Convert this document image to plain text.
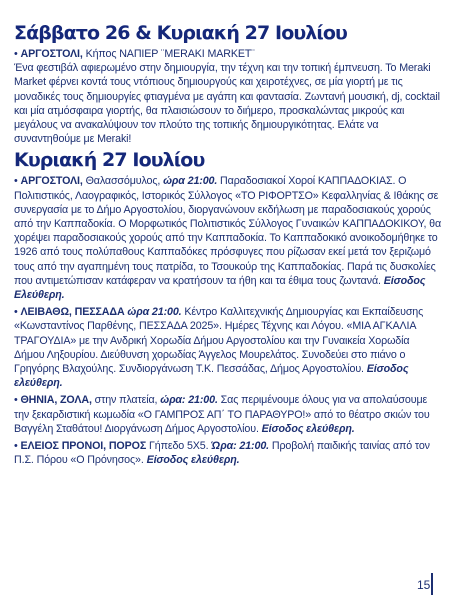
Σάββατο 26 & Κυριακή 27 Ιουλίου

• ΑΡΓΟΣΤΟΛΙ, Κήπος ΝΑΠΙΕΡ ¨MERAKI MARKET¨

Ένα φεστιβάλ αφιερωμένο στην δημιουργία, την τέχνη και την τοπική έμπνευση. Το Meraki Market φέρνει κοντά τους ντόπιους δημιουργούς και χειροτέχνες, σε μία γιορτή με τις μοναδικές τους δημιουργίες φτιαγμένα με αγάπη και φαντασία. Ζωντανή μουσική, dj, cocktail και μία ατμόσφαιρα γιορτής, θα πλαισιώσουν το διήμερο, προσκαλώντας μικρούς και μεγάλους να ανακαλύψουν τον πλούτο της τοπικής δημιουργικότητας. Ελάτε να συναντηθούμε με Meraki!

Κυριακή 27 Ιουλίου

• ΑΡΓΟΣΤΟΛΙ, Θαλασσόμυλος, ώρα 21:00. Παραδοσιακοί Χοροί ΚΑΠΠΑΔΟΚΙΑΣ. Ο Πολιτιστικός, Λαογραφικός, Ιστορικός Σύλλογος «ΤΟ ΡΙΦΟΡΤΣΟ» Κεφαλληνίας & Ιθάκης σε συνεργασία με το Δήμο Αργοστολίου, διοργανώνουν εκδήλωση με παραδοσιακούς χορούς από την Καππαδοκία. Ο Μορφωτικός Πολιτιστικός Σύλλογος Γυναικών ΚΑΠΠΑΔΟΚΙΚΟΥ, θα χορέψει παραδοσιακούς χορούς από την Καππαδοκία. Το Καππαδοκικό ανοικοδομήθηκε το 1926 από τους πολύπαθους Καππαδόκες πρόσφυγες που ρίζωσαν εκεί μετά τον ξεριζωμό τους από την αγαπημένη τους πατρίδα, το Τσουκούρ της Καππαδοκίας. Παρά τις δυσκολίες που αντιμετώπισαν κατάφεραν να κρατήσουν τα ήθη και τα έθιμα τους ζωντανά. Είσοδος Ελεύθερη.

• ΛΕΙΒΑΘΩ, ΠΕΣΣΑΔΑ ώρα 21:00. Κέντρο Καλλιτεχνικής Δημιουργίας και Εκπαίδευσης «Κωνσταντίνος Παρθένης, ΠΕΣΣΑΔΑ 2025». Ημέρες Τέχνης και Λόγου. «ΜΙΑ ΑΓΚΑΛΙΑ ΤΡΑΓΟΥΔΙΑ» με την Ανδρική Χορωδία Δήμου Αργοστολίου και την Γυναικεία Χορωδία Δήμου Ληξουρίου. Διεύθυνση χορωδίας Άγγελος Μουρελάτος. Συνοδεύει στο πιάνο ο Γρηγόρης Βλαχούλης. Συνδιοργάνωση Τ.Κ. Πεσσάδας, Δήμος Αργοστολίου. Είσοδος ελεύθερη.

• ΘΗΝΙΑ, ΖΟΛΑ, στην πλατεία, ώρα: 21:00. Σας περιμένουμε όλους για να απολαύσουμε την ξεκαρδιστική κωμωδία «Ο ΓΑΜΠΡΟΣ ΑΠ΄ ΤΟ ΠΑΡΑΘΥΡΟ!» από το θέατρο σκιών του Βαγγέλη Σταθάτου! Διοργάνωση Δήμος Αργοστολίου. Είσοδος ελεύθερη.

• ΕΛΕΙΟΣ ΠΡΟΝΟΙ, ΠΟΡΟΣ Γήπεδο 5Χ5. Ώρα: 21:00. Προβολή παιδικής ταινίας από τον Π.Σ. Πόρου «Ο Πρόνησος». Είσοδος ελεύθερη.

15
